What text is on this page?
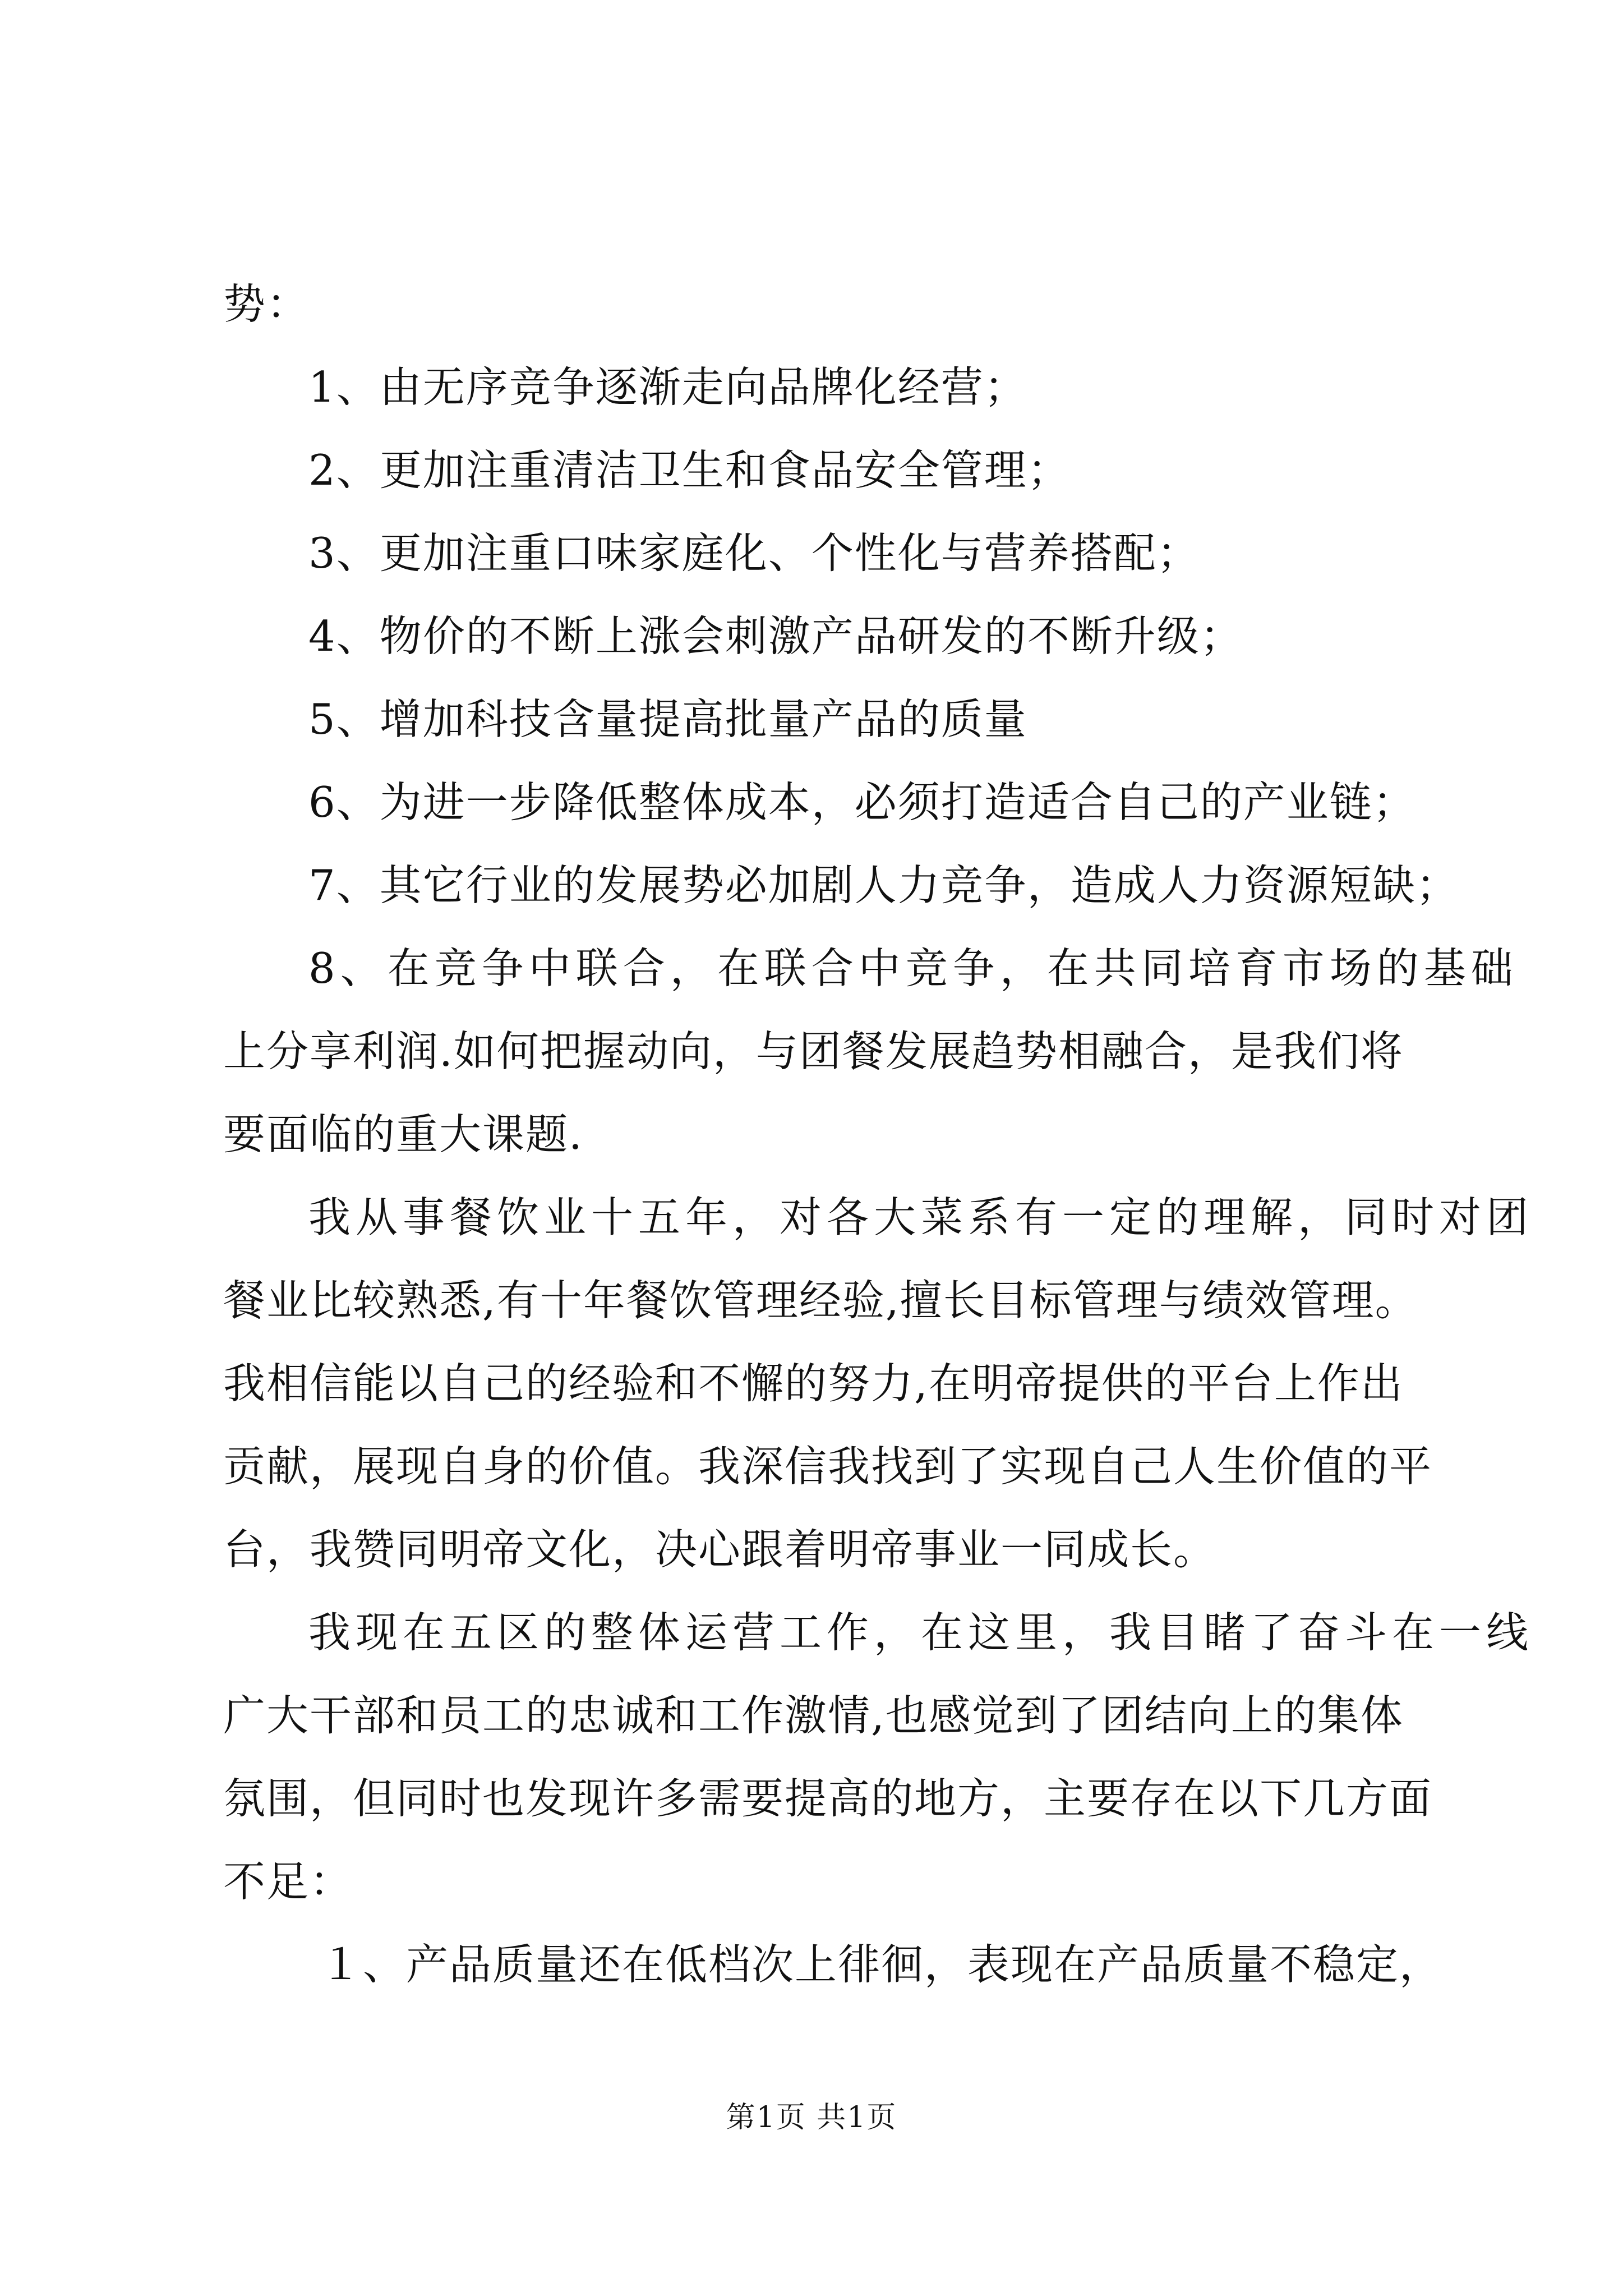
势：
1、由无序竞争逐渐走向品牌化经营；
2、更加注重清洁卫生和食品安全管理；
3、更加注重口味家庭化、个性化与营养搭配；
4、物价的不断上涨会刺激产品研发的不断升级；
5、增加科技含量提高批量产品的质量
6、为进一步降低整体成本，必须打造适合自己的产业链；
7、其它行业的发展势必加剧人力竞争，造成人力资源短缺；
8、在竞争中联合，在联合中竞争，在共同培育市场的基础
上分享利润.如何把握动向，与团餐发展趋势相融合，是我们将
要面临的重大课题.
我从事餐饮业十五年，对各大菜系有一定的理解，同时对团
餐业比较熟悉,有十年餐饮管理经验,擅长目标管理与绩效管理。
我相信能以自己的经验和不懈的努力,在明帝提供的平台上作出
贡献，展现自身的价值。我深信我找到了实现自己人生价值的平
台，我赞同明帝文化，决心跟着明帝事业一同成长。
我现在五区的整体运营工作，在这里，我目睹了奋斗在一线
广大干部和员工的忠诚和工作激情,也感觉到了团结向上的集体
氛围，但同时也发现许多需要提高的地方，主要存在以下几方面
不足：
１、产品质量还在低档次上徘徊，表现在产品质量不稳定，
第1页 共1页
